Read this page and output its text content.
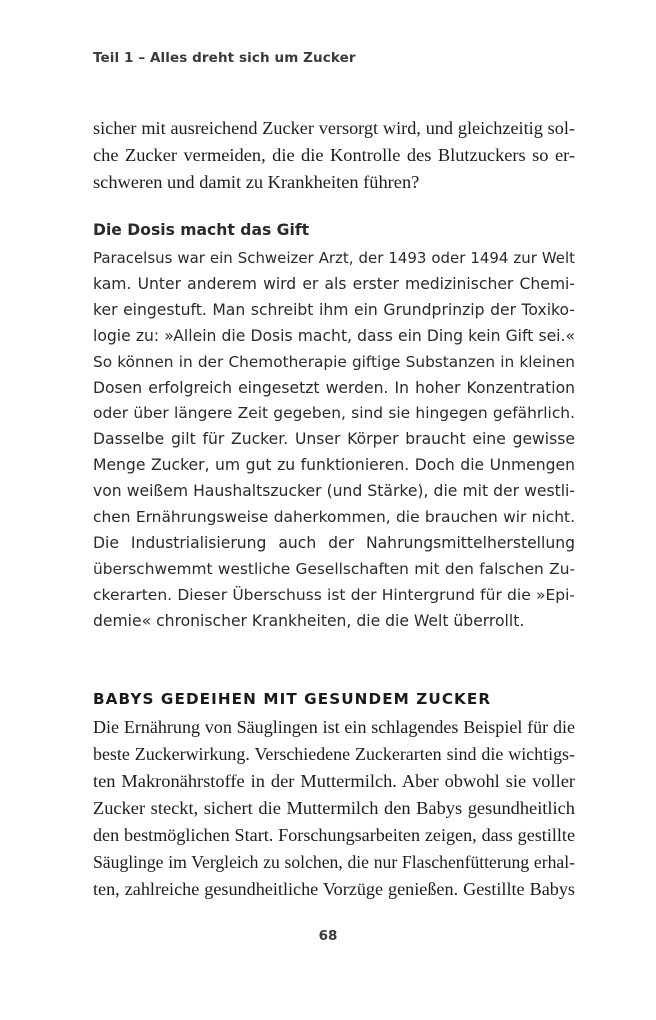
Teil 1 – Alles dreht sich um Zucker
sicher mit ausreichend Zucker versorgt wird, und gleichzeitig sol-
che Zucker vermeiden, die die Kontrolle des Blutzuckers so er-
schweren und damit zu Krankheiten führen?
Die Dosis macht das Gift
Paracelsus war ein Schweizer Arzt, der 1493 oder 1494 zur Welt
kam. Unter anderem wird er als erster medizinischer Chemi-
ker eingestuft. Man schreibt ihm ein Grundprinzip der Toxiko-
logie zu: »Allein die Dosis macht, dass ein Ding kein Gift sei.«
So können in der Chemotherapie giftige Substanzen in kleinen
Dosen erfolgreich eingesetzt werden. In hoher Konzentration
oder über längere Zeit gegeben, sind sie hingegen gefährlich.
Dasselbe gilt für Zucker. Unser Körper braucht eine gewisse
Menge Zucker, um gut zu funktionieren. Doch die Unmengen
von weißem Haushaltszucker (und Stärke), die mit der westli-
chen Ernährungsweise daherkommen, die brauchen wir nicht.
Die Industrialisierung auch der Nahrungsmittelherstellung
überschwemmt westliche Gesellschaften mit den falschen Zu-
ckerarten. Dieser Überschuss ist der Hintergrund für die »Epi-
demie« chronischer Krankheiten, die die Welt überrollt.
BABYS GEDEIHEN MIT GESUNDEM ZUCKER
Die Ernährung von Säuglingen ist ein schlagendes Beispiel für die
beste Zuckerwirkung. Verschiedene Zuckerarten sind die wichtigs-
ten Makronährstoffe in der Muttermilch. Aber obwohl sie voller
Zucker steckt, sichert die Muttermilch den Babys gesundheitlich
den bestmöglichen Start. Forschungsarbeiten zeigen, dass gestillte
Säuglinge im Vergleich zu solchen, die nur Flaschenfütterung erhal-
ten, zahlreiche gesundheitliche Vorzüge genießen. Gestillte Babys
68
